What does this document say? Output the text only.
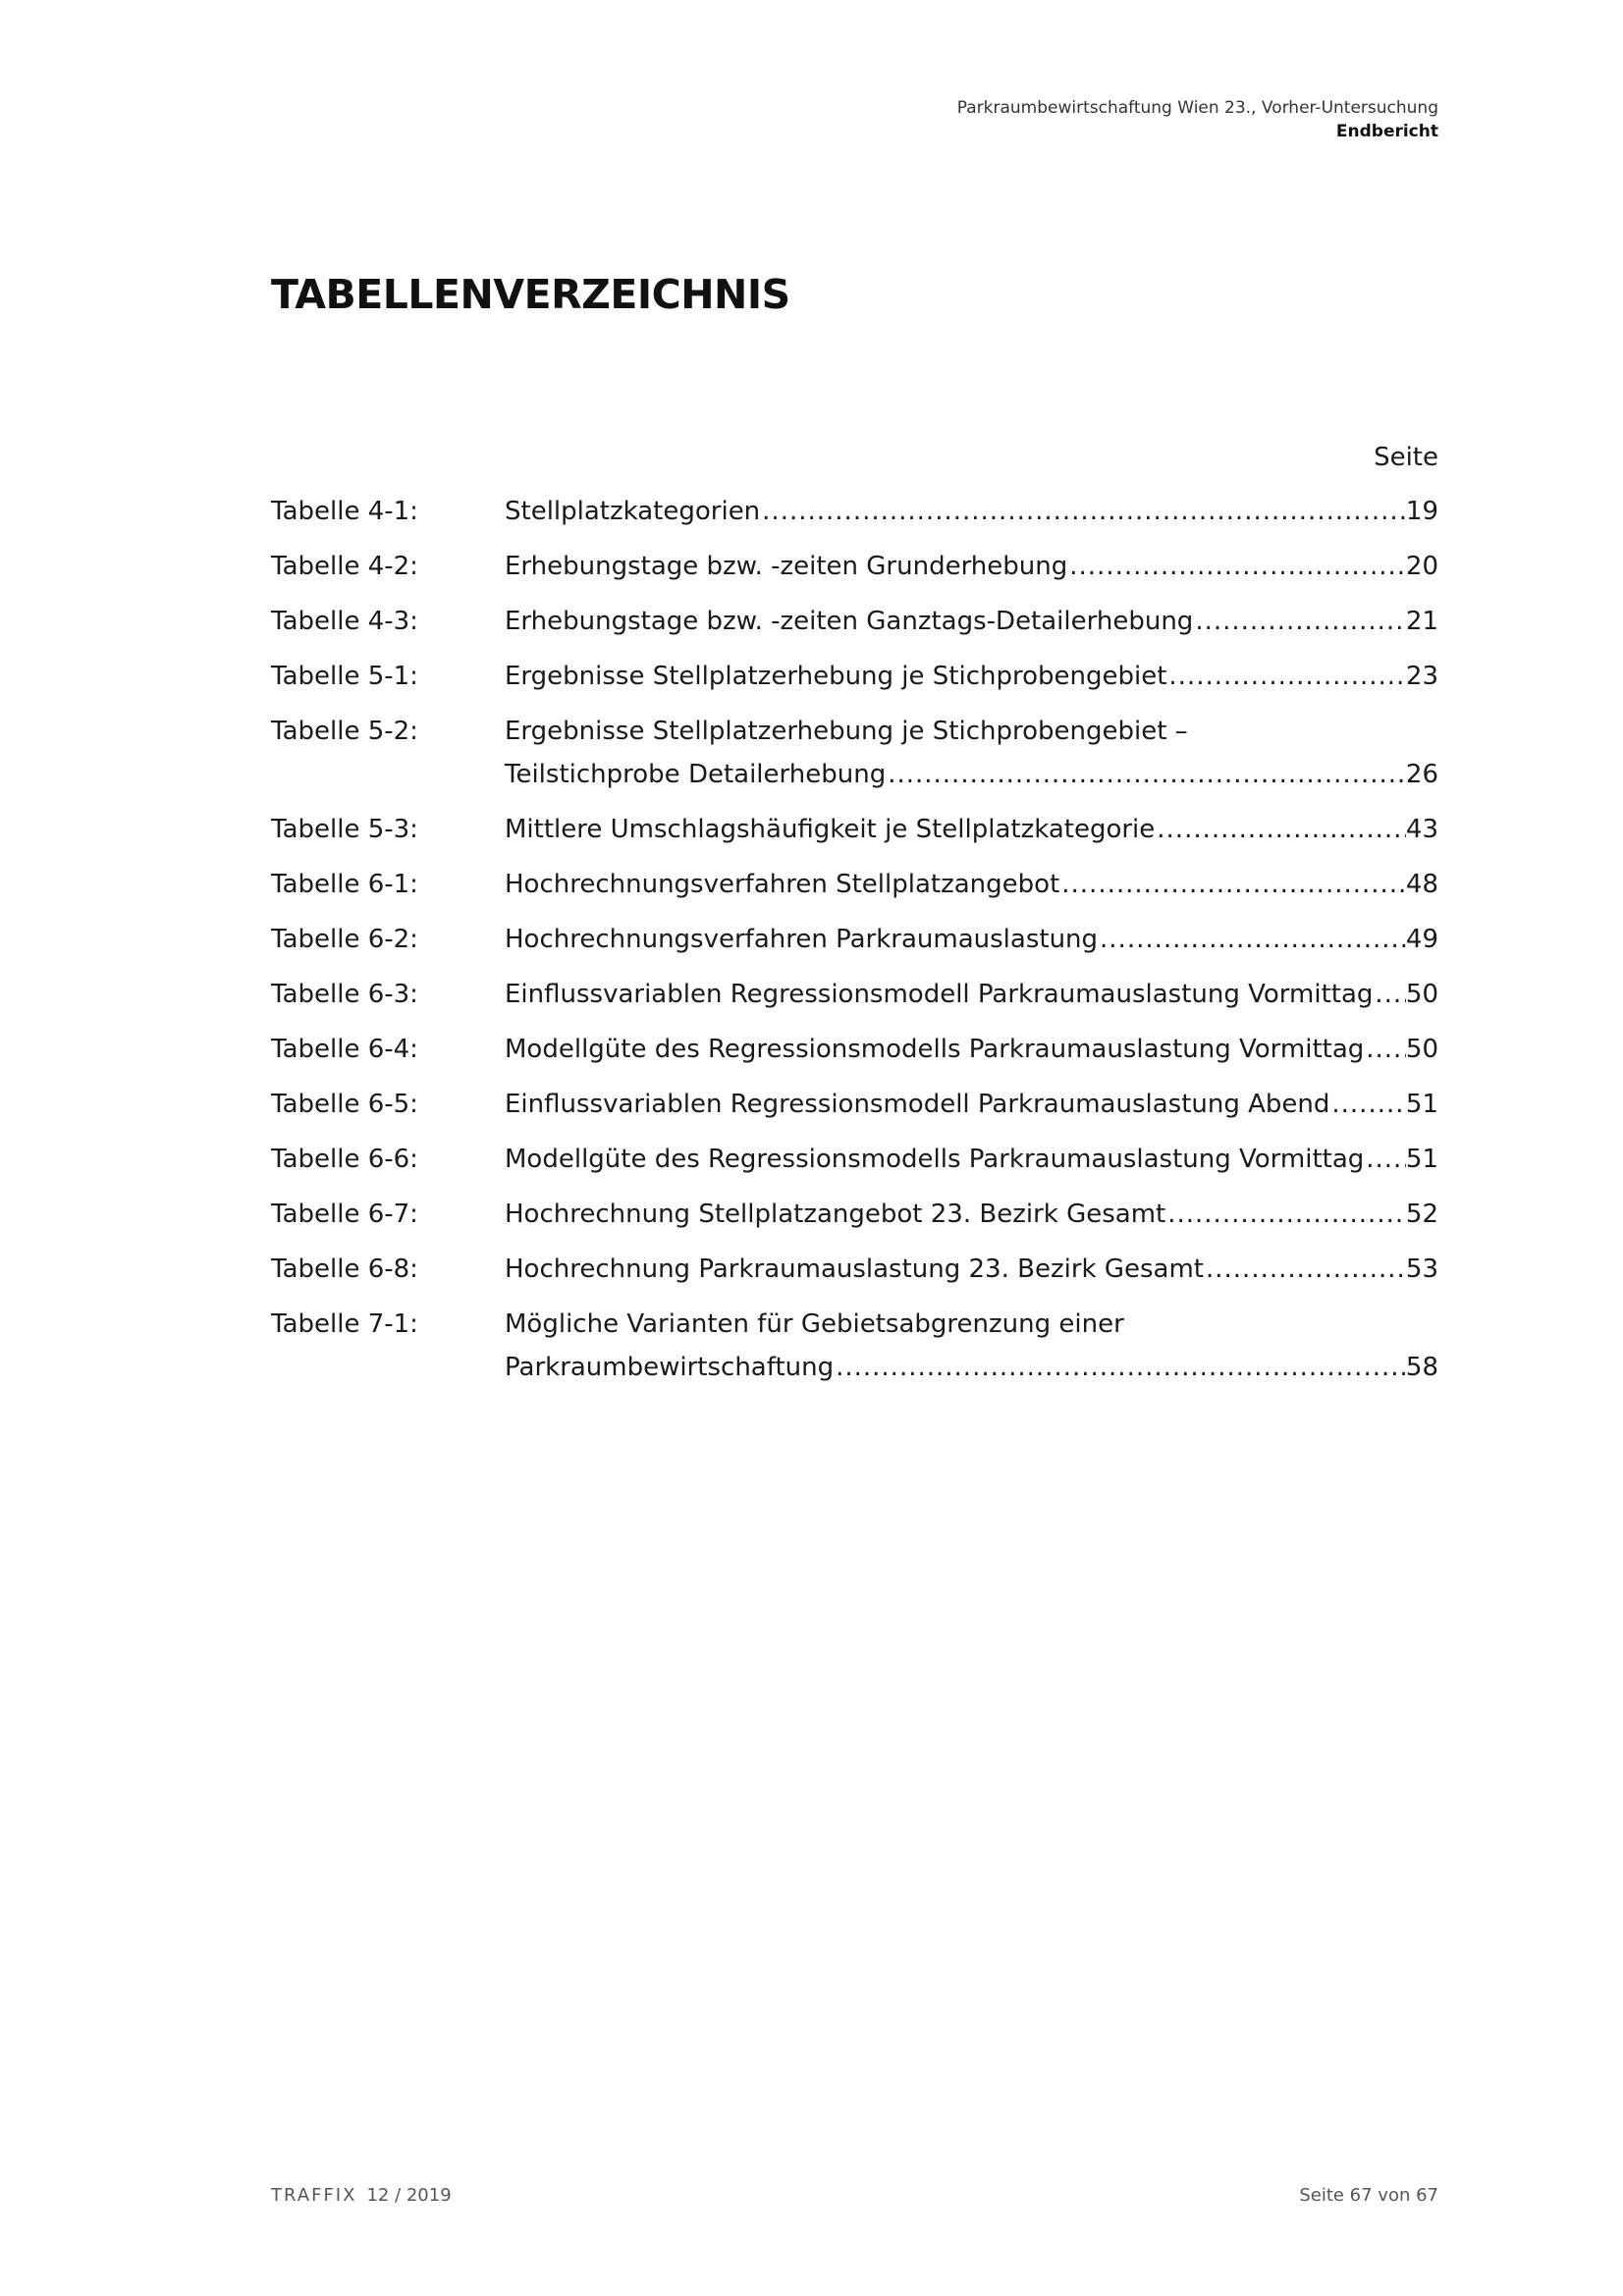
Parkraumbewirtschaftung Wien 23., Vorher-Untersuchung
Endbericht
TABELLENVERZEICHNIS
Seite
Tabelle 4-1:	Stellplatzkategorien .....	19
Tabelle 4-2:	Erhebungstage bzw. -zeiten Grunderhebung .....	20
Tabelle 4-3:	Erhebungstage bzw. -zeiten Ganztags-Detailerhebung .....	21
Tabelle 5-1:	Ergebnisse Stellplatzerhebung je Stichprobengebiet .....	23
Tabelle 5-2:	Ergebnisse Stellplatzerhebung je Stichprobengebiet –
Teilstichprobe Detailerhebung .....	26
Tabelle 5-3:	Mittlere Umschlagshäufigkeit je Stellplatzkategorie .....	43
Tabelle 6-1:	Hochrechnungsverfahren Stellplatzangebot .....	48
Tabelle 6-2:	Hochrechnungsverfahren Parkraumauslastung .....	49
Tabelle 6-3:	Einflussvariablen Regressionsmodell Parkraumauslastung Vormittag ..... 50
Tabelle 6-4:	Modellgüte des Regressionsmodells Parkraumauslastung Vormittag ..... 50
Tabelle 6-5:	Einflussvariablen Regressionsmodell Parkraumauslastung Abend .....	51
Tabelle 6-6:	Modellgüte des Regressionsmodells Parkraumauslastung Vormittag ..... 51
Tabelle 6-7:	Hochrechnung Stellplatzangebot 23. Bezirk Gesamt .....	52
Tabelle 6-8:	Hochrechnung Parkraumauslastung 23. Bezirk Gesamt .....	53
Tabelle 7-1:	Mögliche Varianten für Gebietsabgrenzung einer
Parkraumbewirtschaftung .....	58
TRAFFIX 12 / 2019	Seite 67 von 67
